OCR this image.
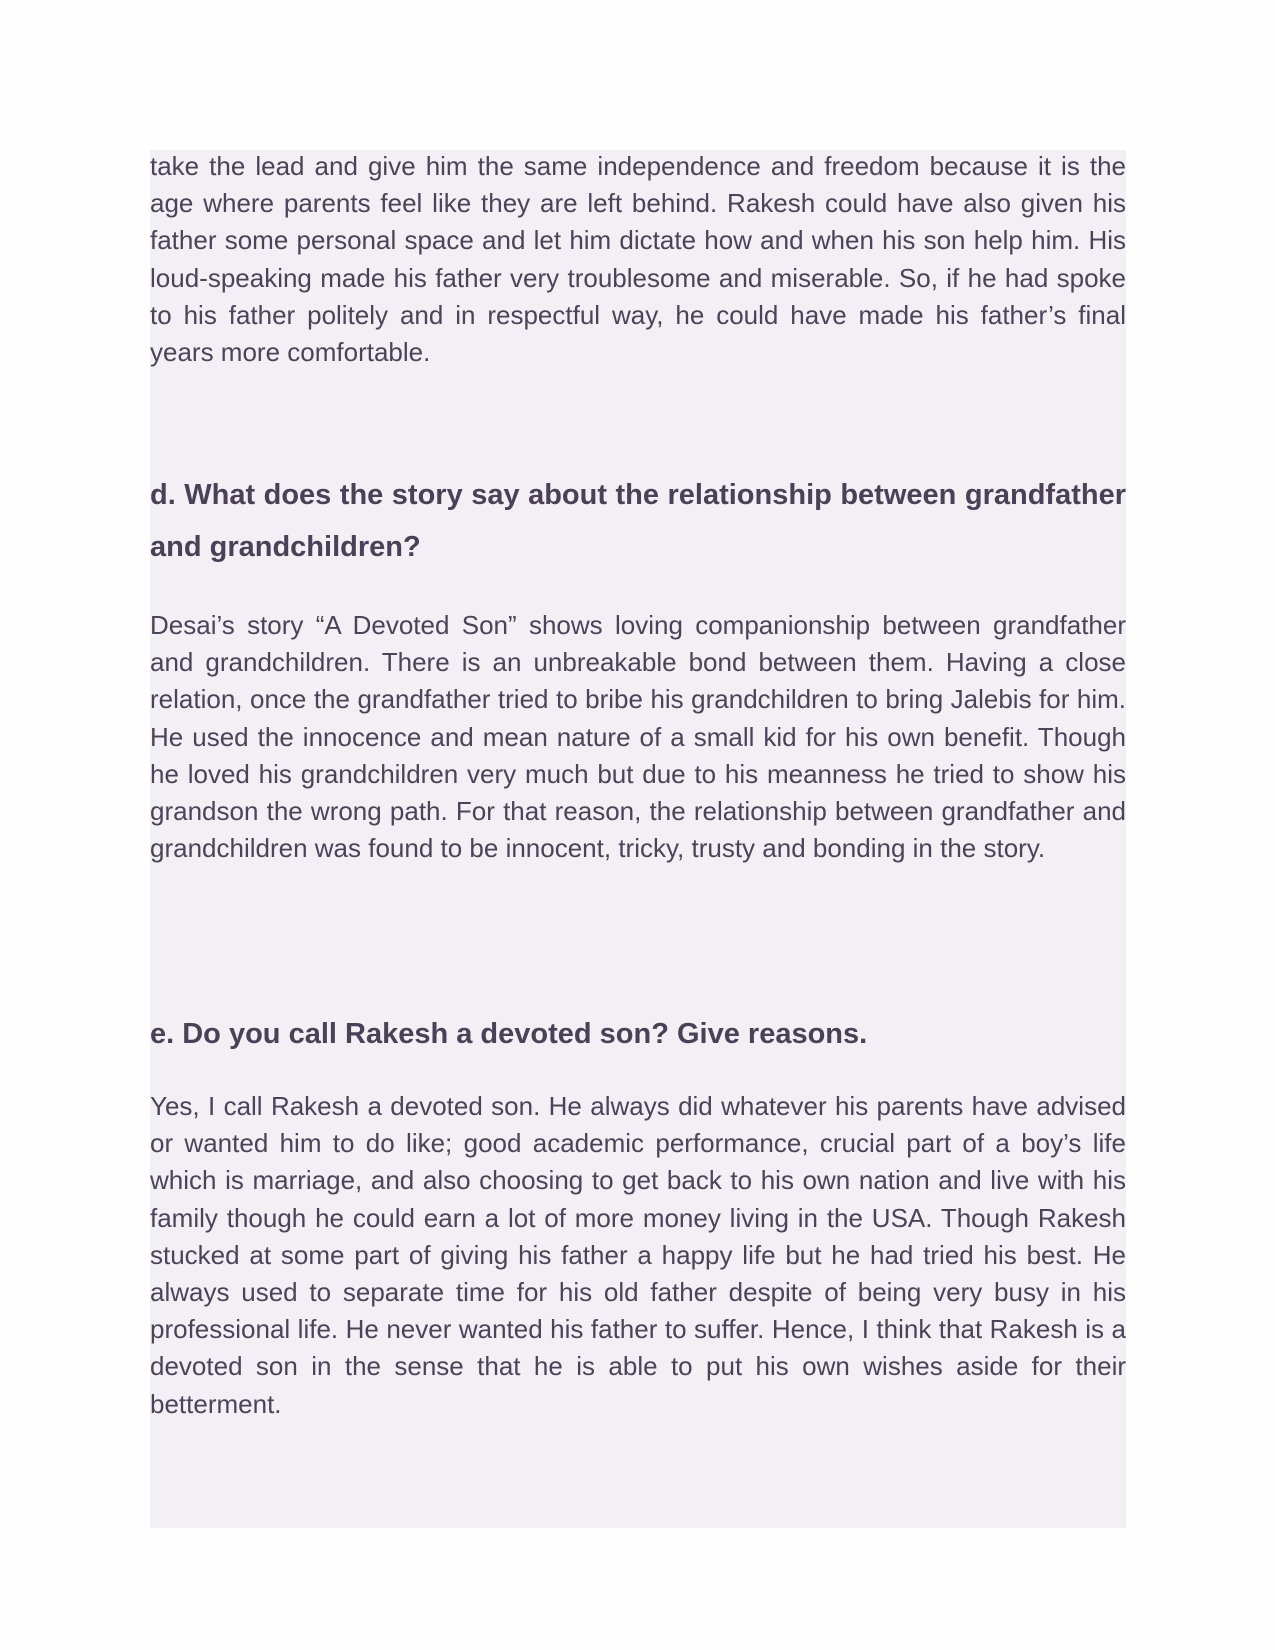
take the lead and give him the same independence and freedom because it is the age where parents feel like they are left behind. Rakesh could have also given his father some personal space and let him dictate how and when his son help him. His loud-speaking made his father very troublesome and miserable. So, if he had spoke to his father politely and in respectful way, he could have made his father’s final years more comfortable.

d. What does the story say about the relationship between grandfather and grandchildren?

Desai’s story “A Devoted Son” shows loving companionship between grandfather and grandchildren. There is an unbreakable bond between them. Having a close relation, once the grandfather tried to bribe his grandchildren to bring Jalebis for him. He used the innocence and mean nature of a small kid for his own benefit. Though he loved his grandchildren very much but due to his meanness he tried to show his grandson the wrong path. For that reason, the relationship between grandfather and grandchildren was found to be innocent, tricky, trusty and bonding in the story.

e. Do you call Rakesh a devoted son? Give reasons.

Yes, I call Rakesh a devoted son. He always did whatever his parents have advised or wanted him to do like; good academic performance, crucial part of a boy’s life which is marriage, and also choosing to get back to his own nation and live with his family though he could earn a lot of more money living in the USA. Though Rakesh stucked at some part of giving his father a happy life but he had tried his best. He always used to separate time for his old father despite of being very busy in his professional life. He never wanted his father to suffer. Hence, I think that Rakesh is a devoted son in the sense that he is able to put his own wishes aside for their betterment.
